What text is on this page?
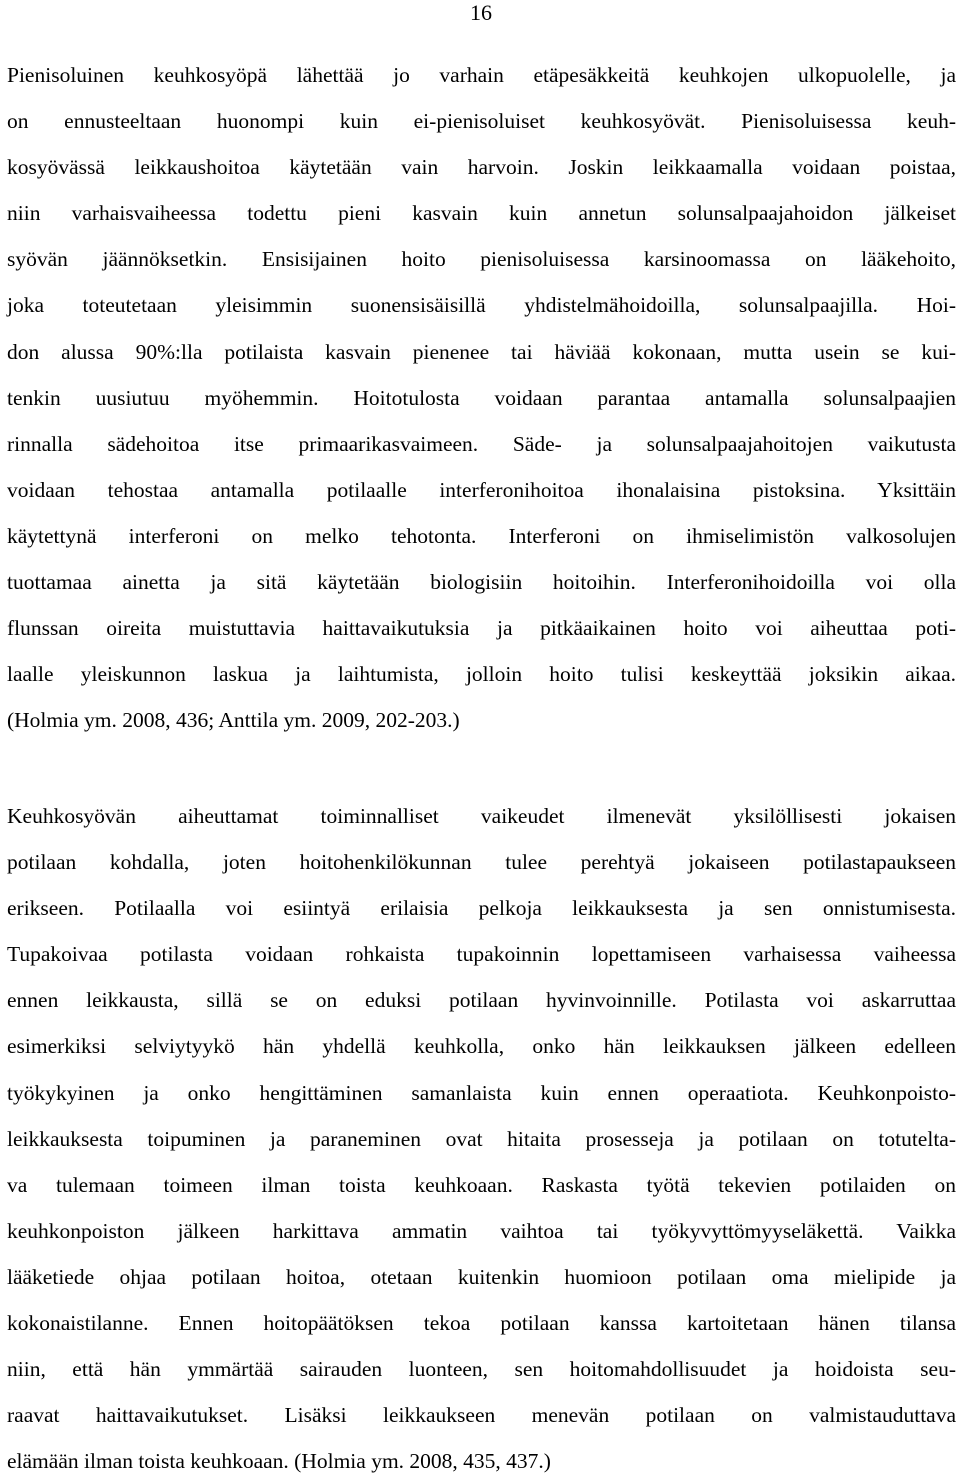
16

Pienisoluinen keuhkosyöpä lähettää jo varhain etäpesäkkeitä keuhkojen ulkopuolelle, ja
on ennusteeltaan huonompi kuin ei-pienisoluiset keuhkosyövät. Pienisoluisessa keuh-
kosyövässä leikkaushoitoa käytetään vain harvoin. Joskin leikkaamalla voidaan poistaa,
niin varhaisvaiheessa todettu pieni kasvain kuin annetun solunsalpaajahoidon jälkeiset
syövän jäännöksetkin. Ensisijainen hoito pienisoluisessa karsinoomassa on lääkehoito,
joka toteutetaan yleisimmin suonensisäisillä yhdistelmähoidoilla, solunsalpaajilla. Hoi-
don alussa 90%:lla potilaista kasvain pienenee tai häviää kokonaan, mutta usein se kui-
tenkin uusiutuu myöhemmin. Hoitotulosta voidaan parantaa antamalla solunsalpaajien
rinnalla sädehoitoa itse primaarikasvaimeen. Säde- ja solunsalpaajahoitojen vaikutusta
voidaan tehostaa antamalla potilaalle interferonihoitoa ihonalaisina pistoksina. Yksittäin
käytettynä interferoni on melko tehotonta. Interferoni on ihmiselimistön valkosolujen
tuottamaa ainetta ja sitä käytetään biologisiin hoitoihin. Interferonihoidoilla voi olla
flunssan oireita muistuttavia haittavaikutuksia ja pitkäaikainen hoito voi aiheuttaa poti-
laalle yleiskunnon laskua ja laihtumista, jolloin hoito tulisi keskeyttää joksikin aikaa.
(Holmia ym. 2008, 436; Anttila ym. 2009, 202-203.)

Keuhkosyövän aiheuttamat toiminnalliset vaikeudet ilmenevät yksilöllisesti jokaisen
potilaan kohdalla, joten hoitohenkilökunnan tulee perehtyä jokaiseen potilastapaukseen
erikseen. Potilaalla voi esiintyä erilaisia pelkoja leikkauksesta ja sen onnistumisesta.
Tupakoivaa potilasta voidaan rohkaista tupakoinnin lopettamiseen varhaisessa vaiheessa
ennen leikkausta, sillä se on eduksi potilaan hyvinvoinnille. Potilasta voi askarruttaa
esimerkiksi selviytyykö hän yhdellä keuhkolla, onko hän leikkauksen jälkeen edelleen
työkykyinen ja onko hengittäminen samanlaista kuin ennen operaatiota. Keuhkonpoisto-
leikkauksesta toipuminen ja paraneminen ovat hitaita prosesseja ja potilaan on totutelta-
va tulemaan toimeen ilman toista keuhkoaan. Raskasta työtä tekevien potilaiden on
keuhkonpoiston jälkeen harkittava ammatin vaihtoa tai työkyvyttömyyseläkettä. Vaikka
lääketiede ohjaa potilaan hoitoa, otetaan kuitenkin huomioon potilaan oma mielipide ja
kokonaistilanne. Ennen hoitopäätöksen tekoa potilaan kanssa kartoitetaan hänen tilansa
niin, että hän ymmärtää sairauden luonteen, sen hoitomahdollisuudet ja hoidoista seu-
raavat haittavaikutukset. Lisäksi leikkaukseen menevän potilaan on valmistauduttava
elämään ilman toista keuhkoaan. (Holmia ym. 2008, 435, 437.)
